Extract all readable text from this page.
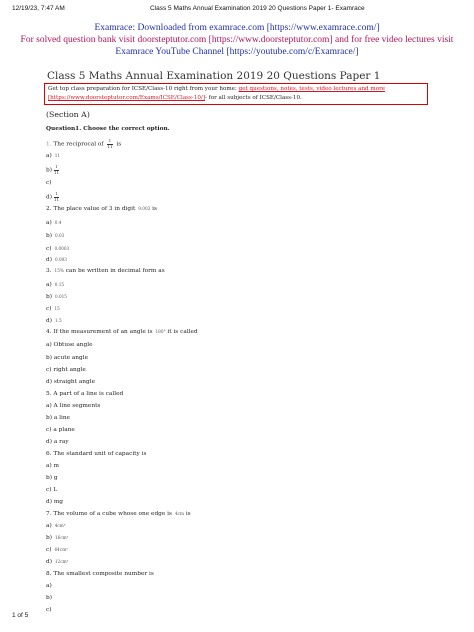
12/19/23, 7:47 AM	Class 5 Maths Annual Examination 2019 20 Questions Paper 1- Examrace
Examrace: Downloaded from examrace.com [https://www.examrace.com/]
For solved question bank visit doorsteptutor.com [https://www.doorsteptutor.com] and for free video lectures visit
Examrace YouTube Channel [https://youtube.com/c/Examrace/]
Class 5 Maths Annual Examination 2019 20 Questions Paper 1
Get top class preparation for ICSE/Class-10 right from your home: get questions, notes, tests, video lectures and more
[https://www.doorsteptutor.com/Exams/ICSE/Class-10/]- for all subjects of ICSE/Class-10.
(Section A)
Question1. Choose the correct option.
1. The reciprocal of $\frac{1}{11}$ is
a) 11
$b) \frac{1}{11}$
c)
$d) \frac{1}{11}$
2. The place value of 3 in digit 9.003 is
a) 0.4
b) 0.03
c) 0.0003
d) 0.003
3. 15% can be written in decimal form as
a) 0.15
b) 0.015
c) 15
d) 1.5
4. If the measurement of an angle is 180° it is called
a) Obtuse angle
b) acute angle
c) right angle
d) straight angle
5. A part of a line is called
a) A line segments
b) a line
c) a plane
d) a ray
6. The standard unit of capacity is
a) m
b) g
c) L
d) mg
7. The volume of a cube whose one edge is 4cm is
a) 4cm³
b) 16cm³
c) 64cm³
d) 12cm³
8. The smallest composite number is
a)
b)
c)
1 of 5
